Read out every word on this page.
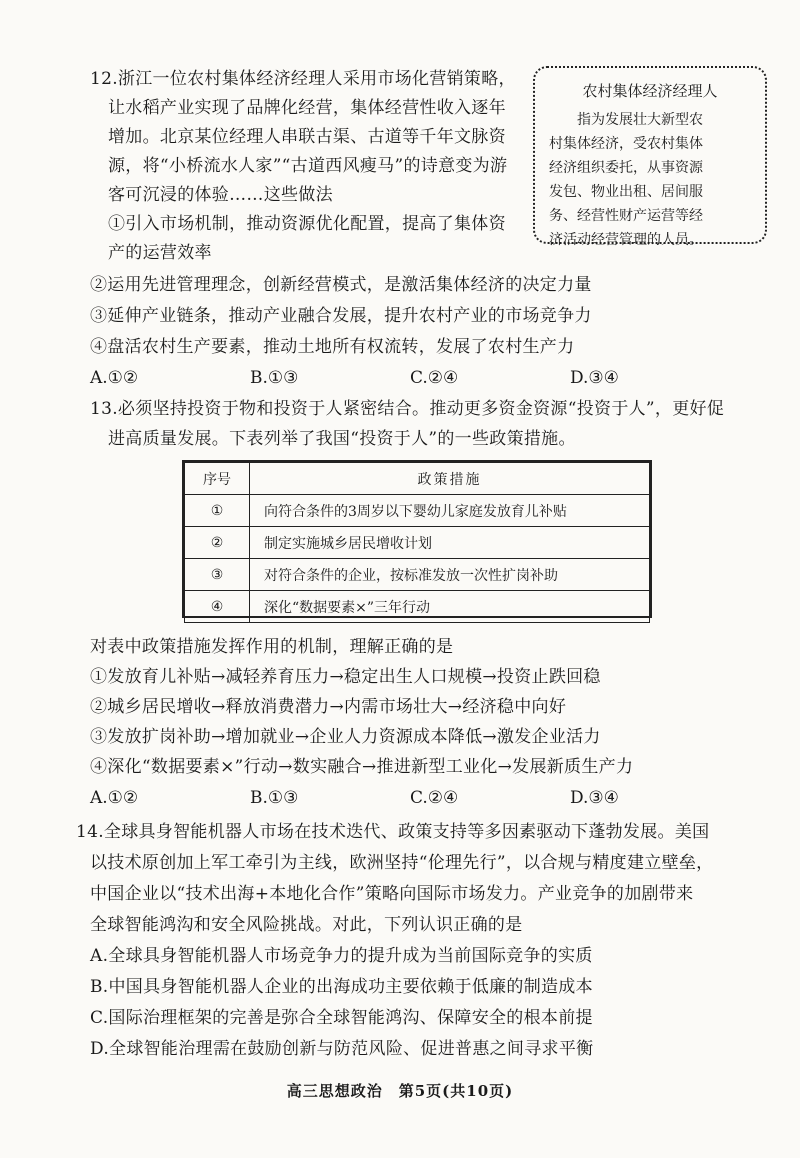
12.浙江一位农村集体经济经理人采用市场化营销策略，
让水稻产业实现了品牌化经营，集体经营性收入逐年
增加。北京某位经理人串联古渠、古道等千年文脉资
源，将“小桥流水人家”“古道西风瘦马”的诗意变为游
客可沉浸的体验……这些做法
①引入市场机制，推动资源优化配置，提高了集体资
产的运营效率
②运用先进管理理念，创新经营模式，是激活集体经济的决定力量
③延伸产业链条，推动产业融合发展，提升农村产业的市场竞争力
④盘活农村生产要素，推动土地所有权流转，发展了农村生产力
A.①②	B.①③	C.②④	D.③④
农村集体经济经理人
指为发展壮大新型农
村集体经济，受农村集体
经济组织委托，从事资源
发包、物业出租、居间服
务、经营性财产运营等经
济活动经营管理的人员。
13.必须坚持投资于物和投资于人紧密结合。推动更多资金资源“投资于人”，更好促
进高质量发展。下表列举了我国“投资于人”的一些政策措施。
序号	政策措施
①	向符合条件的3周岁以下婴幼儿家庭发放育儿补贴
②	制定实施城乡居民增收计划
③	对符合条件的企业，按标准发放一次性扩岗补助
④	深化“数据要素×”三年行动
对表中政策措施发挥作用的机制，理解正确的是
①发放育儿补贴→减轻养育压力→稳定出生人口规模→投资止跌回稳
②城乡居民增收→释放消费潜力→内需市场壮大→经济稳中向好
③发放扩岗补助→增加就业→企业人力资源成本降低→激发企业活力
④深化“数据要素×”行动→数实融合→推进新型工业化→发展新质生产力
A.①②	B.①③	C.②④	D.③④
14.全球具身智能机器人市场在技术迭代、政策支持等多因素驱动下蓬勃发展。美国
以技术原创加上军工牵引为主线，欧洲坚持“伦理先行”，以合规与精度建立壁垒，
中国企业以“技术出海+本地化合作”策略向国际市场发力。产业竞争的加剧带来
全球智能鸿沟和安全风险挑战。对此，下列认识正确的是
A.全球具身智能机器人市场竞争力的提升成为当前国际竞争的实质
B.中国具身智能机器人企业的出海成功主要依赖于低廉的制造成本
C.国际治理框架的完善是弥合全球智能鸿沟、保障安全的根本前提
D.全球智能治理需在鼓励创新与防范风险、促进普惠之间寻求平衡
高三思想政治　第5页(共10页)
